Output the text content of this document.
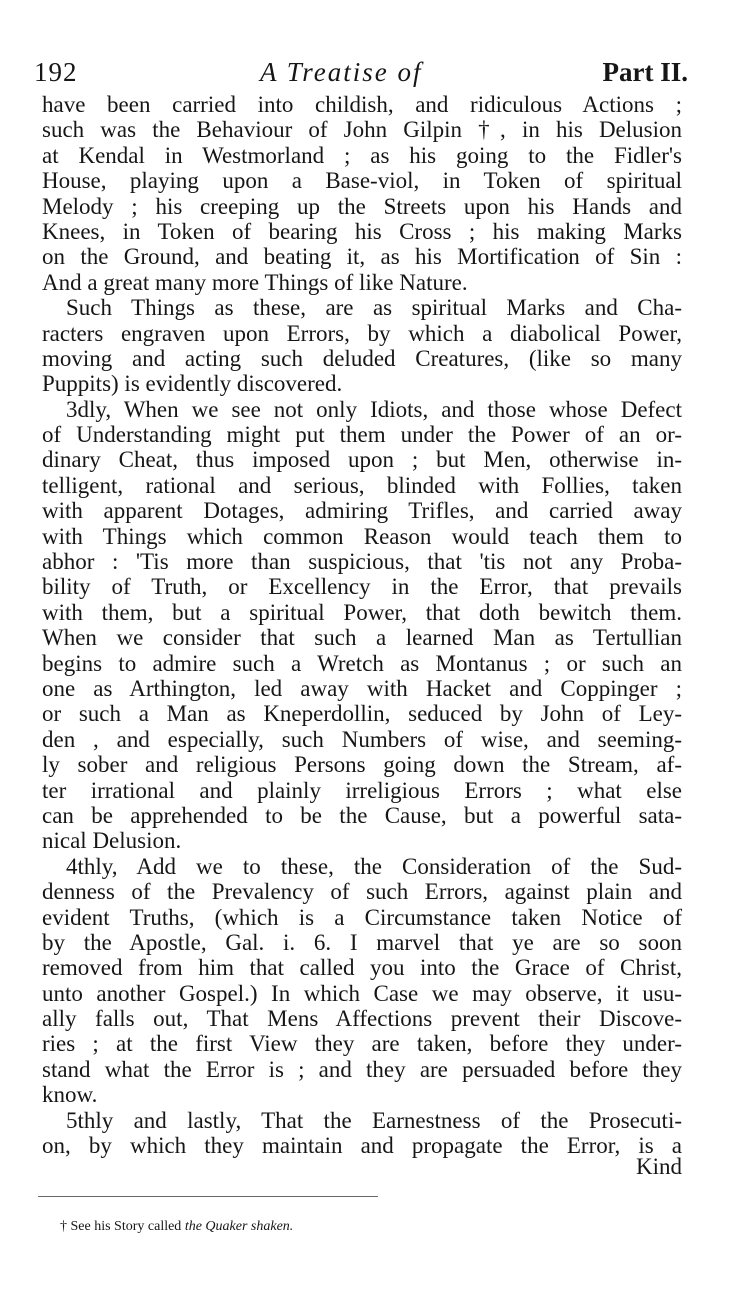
192	A Treatise of	Part II.
have been carried into childish, and ridiculous Actions ;
such was the Behaviour of John Gilpin †, in his Delusion
at Kendal in Westmorland ; as his going to the Fidler's
House, playing upon a Base-viol, in Token of spiritual
Melody ; his creeping up the Streets upon his Hands and
Knees, in Token of bearing his Cross ; his making Marks
on the Ground, and beating it, as his Mortification of Sin :
And a great many more Things of like Nature.
Such Things as these, are as spiritual Marks and Cha-
racters engraven upon Errors, by which a diabolical Power,
moving and acting such deluded Creatures, (like so many
Puppits) is evidently discovered.
3dly, When we see not only Idiots, and those whose Defect
of Understanding might put them under the Power of an or-
dinary Cheat, thus imposed upon ; but Men, otherwise in-
telligent, rational and serious, blinded with Follies, taken
with apparent Dotages, admiring Trifles, and carried away
with Things which common Reason would teach them to
abhor : 'Tis more than suspicious, that 'tis not any Proba-
bility of Truth, or Excellency in the Error, that prevails
with them, but a spiritual Power, that doth bewitch them.
When we consider that such a learned Man as Tertullian
begins to admire such a Wretch as Montanus ; or such an
one as Arthington, led away with Hacket and Coppinger ;
or such a Man as Kneperdollin, seduced by John of Ley-
den , and especially, such Numbers of wise, and seeming-
ly sober and religious Persons going down the Stream, af-
ter irrational and plainly irreligious Errors ; what else
can be apprehended to be the Cause, but a powerful sata-
nical Delusion.
4thly, Add we to these, the Consideration of the Sud-
denness of the Prevalency of such Errors, against plain and
evident Truths, (which is a Circumstance taken Notice of
by the Apostle, Gal. i. 6. I marvel that ye are so soon
removed from him that called you into the Grace of Christ,
unto another Gospel.) In which Case we may observe, it usu-
ally falls out, That Mens Affections prevent their Discove-
ries ; at the first View they are taken, before they under-
stand what the Error is ; and they are persuaded before they
know.
5thly and lastly, That the Earnestness of the Prosecuti-
on, by which they maintain and propagate the Error, is a
Kind
† See his Story called the Quaker shaken.
